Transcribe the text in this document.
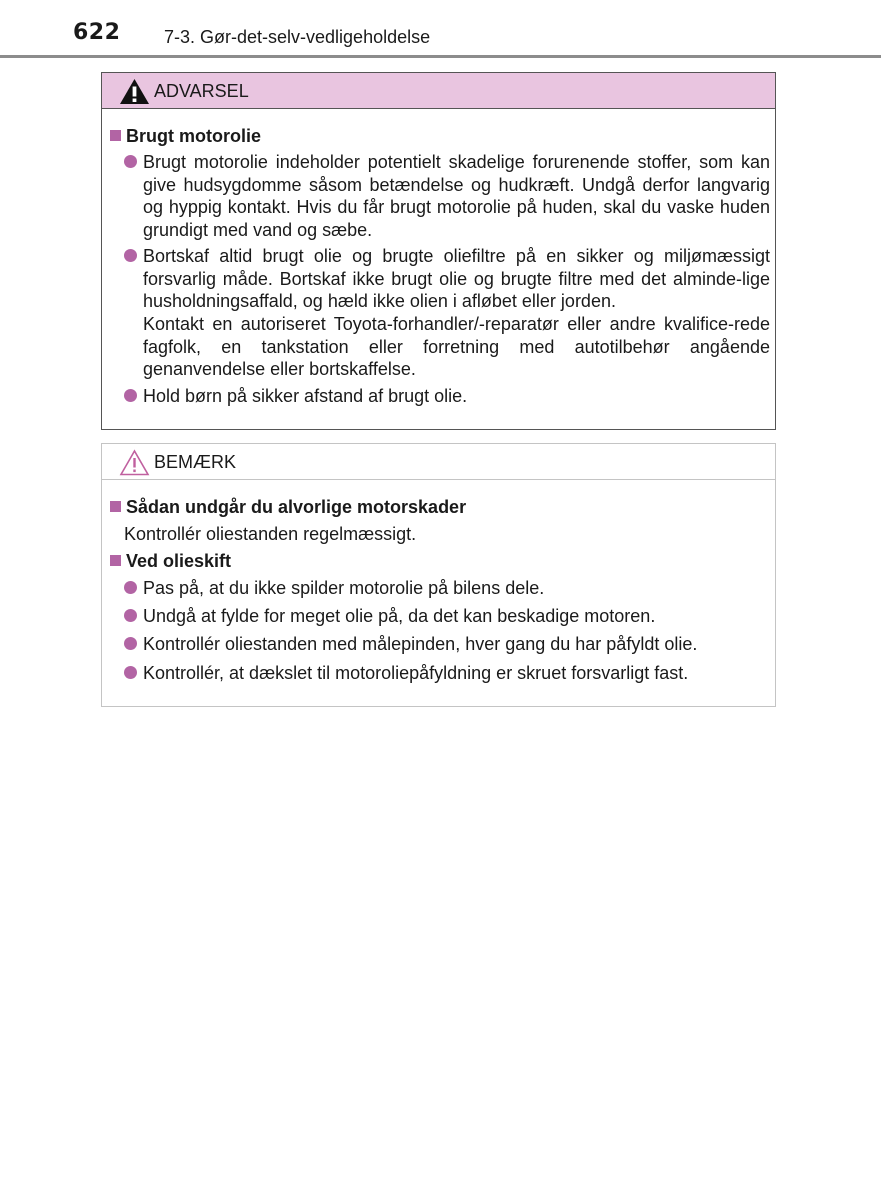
622 7-3. Gør-det-selv-vedligeholdelse
ADVARSEL
Brugt motorolie
Brugt motorolie indeholder potentielt skadelige forurenende stoffer, som kan give hudsygdomme såsom betændelse og hudkræft. Undgå derfor langvarig og hyppig kontakt. Hvis du får brugt motorolie på huden, skal du vaske huden grundigt med vand og sæbe.
Bortskaf altid brugt olie og brugte oliefiltre på en sikker og miljømæssigt forsvarlig måde. Bortskaf ikke brugt olie og brugte filtre med det alminde-lige husholdningsaffald, og hæld ikke olien i afløbet eller jorden.
Kontakt en autoriseret Toyota-forhandler/-reparatør eller andre kvalifice-rede fagfolk, en tankstation eller forretning med autotilbehør angående genanvendelse eller bortskaffelse.
Hold børn på sikker afstand af brugt olie.
BEMÆRK
Sådan undgår du alvorlige motorskader
Kontrollér oliestanden regelmæssigt.
Ved olieskift
Pas på, at du ikke spilder motorolie på bilens dele.
Undgå at fylde for meget olie på, da det kan beskadige motoren.
Kontrollér oliestanden med målepinden, hver gang du har påfyldt olie.
Kontrollér, at dækslet til motoroliepåfyldning er skruet forsvarligt fast.
